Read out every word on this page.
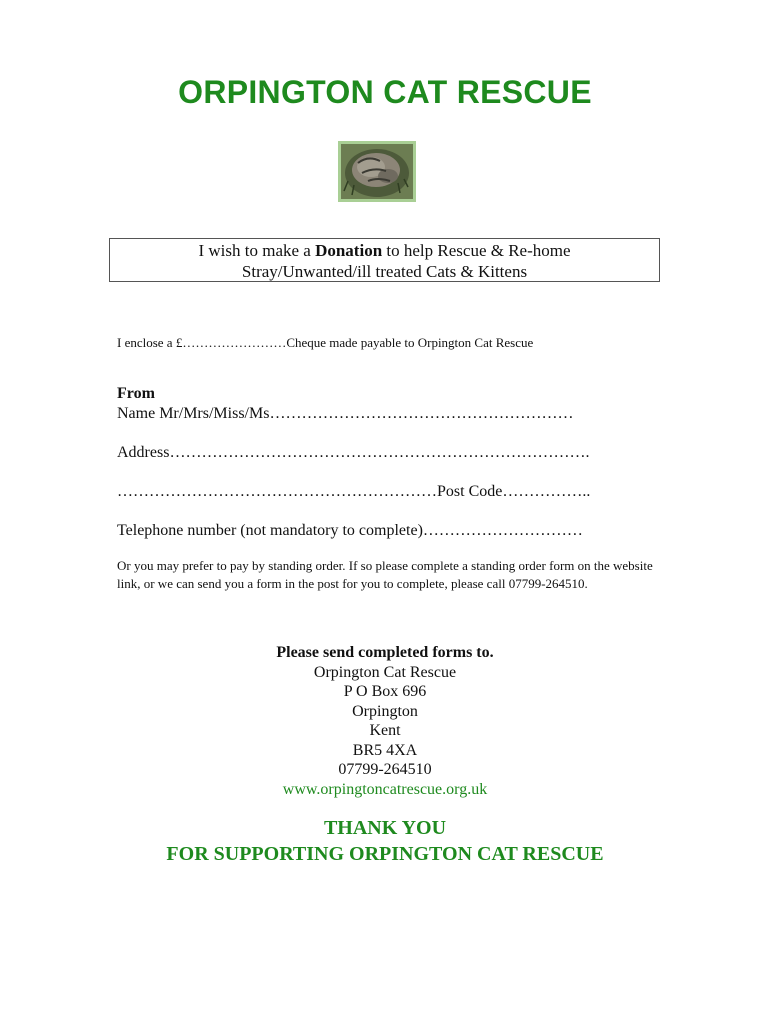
ORPINGTON CAT RESCUE
I wish to make a Donation to help Rescue & Re-home
Stray/Unwanted/ill treated Cats & Kittens
I enclose a £……………………Cheque made payable to Orpington Cat Rescue
From
Name Mr/Mrs/Miss/Ms…………………………………………………
Address…………………………………………………………………….
……………………………………………………Post Code……………..
Telephone number (not mandatory to complete)…………………………
Or you may prefer to pay by standing order. If so please complete a standing order form on the website link, or we can send you a form in the post for you to complete, please call 07799-264510.
Please send completed forms to.
Orpington Cat Rescue
P O Box 696
Orpington
Kent
BR5 4XA
07799-264510
www.orpingtoncatrescue.org.uk
THANK YOU
FOR SUPPORTING ORPINGTON CAT RESCUE
